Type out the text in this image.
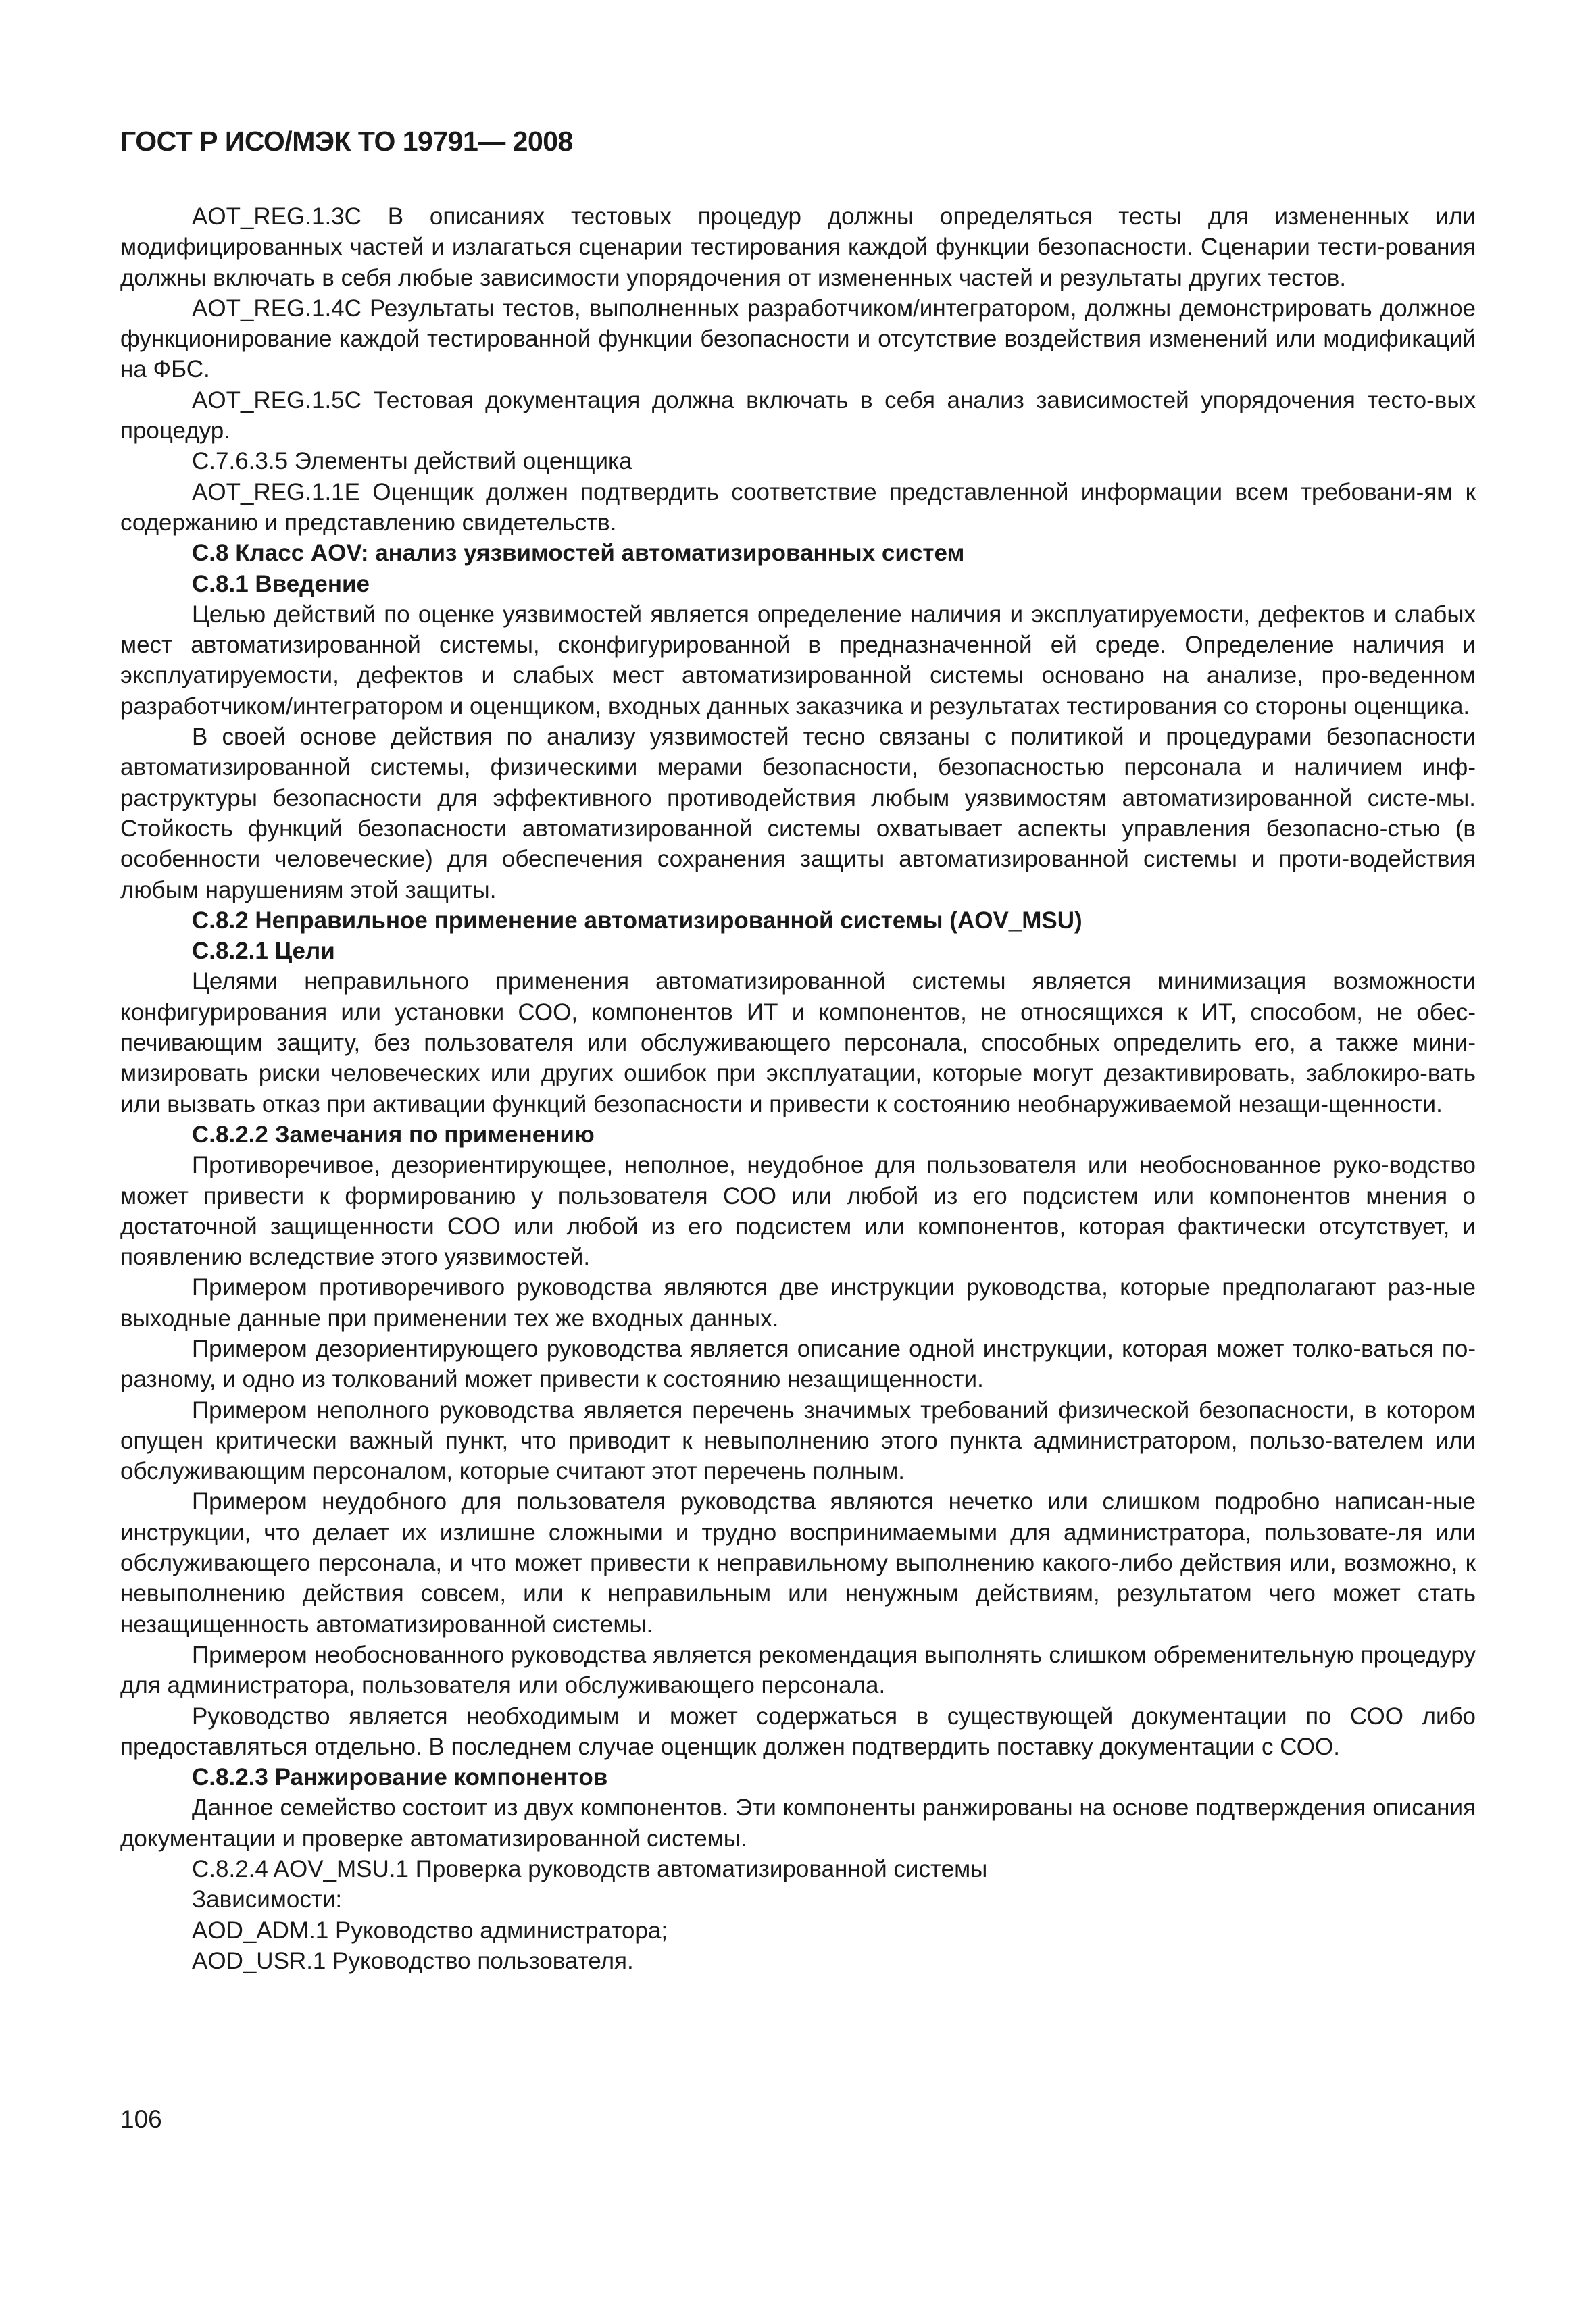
ГОСТ Р ИСО/МЭК ТО 19791— 2008

AOT_REG.1.3C В описаниях тестовых процедур должны определяться тесты для измененных или модифицированных частей и излагаться сценарии тестирования каждой функции безопасности. Сценарии тести-рования должны включать в себя любые зависимости упорядочения от измененных частей и результаты других тестов.

AOT_REG.1.4C Результаты тестов, выполненных разработчиком/интегратором, должны демонстрировать должное функционирование каждой тестированной функции безопасности и отсутствие воздействия изменений или модификаций на ФБС.

AOT_REG.1.5C Тестовая документация должна включать в себя анализ зависимостей упорядочения тесто-вых процедур.

C.7.6.3.5 Элементы действий оценщика

AOT_REG.1.1E Оценщик должен подтвердить соответствие представленной информации всем требовани-ям к содержанию и представлению свидетельств.

C.8 Класс AOV: анализ уязвимостей автоматизированных систем

C.8.1 Введение

Целью действий по оценке уязвимостей является определение наличия и эксплуатируемости, дефектов и слабых мест автоматизированной системы, сконфигурированной в предназначенной ей среде. Определение наличия и эксплуатируемости, дефектов и слабых мест автоматизированной системы основано на анализе, про-веденном разработчиком/интегратором и оценщиком, входных данных заказчика и результатах тестирования со стороны оценщика.

В своей основе действия по анализу уязвимостей тесно связаны с политикой и процедурами безопасности автоматизированной системы, физическими мерами безопасности, безопасностью персонала и наличием инф-раструктуры безопасности для эффективного противодействия любым уязвимостям автоматизированной систе-мы. Стойкость функций безопасности автоматизированной системы охватывает аспекты управления безопасно-стью (в особенности человеческие) для обеспечения сохранения защиты автоматизированной системы и проти-водействия любым нарушениям этой защиты.

C.8.2 Неправильное применение автоматизированной системы (AOV_MSU)

C.8.2.1 Цели

Целями неправильного применения автоматизированной системы является минимизация возможности конфигурирования или установки СОО, компонентов ИТ и компонентов, не относящихся к ИТ, способом, не обес-печивающим защиту, без пользователя или обслуживающего персонала, способных определить его, а также мини-мизировать риски человеческих или других ошибок при эксплуатации, которые могут дезактивировать, заблокиро-вать или вызвать отказ при активации функций безопасности и привести к состоянию необнаруживаемой незащи-щенности.

C.8.2.2 Замечания по применению

Противоречивое, дезориентирующее, неполное, неудобное для пользователя или необоснованное руко-водство может привести к формированию у пользователя СОО или любой из его подсистем или компонентов мнения о достаточной защищенности СОО или любой из его подсистем или компонентов, которая фактически отсутствует, и появлению вследствие этого уязвимостей.

Примером противоречивого руководства являются две инструкции руководства, которые предполагают раз-ные выходные данные при применении тех же входных данных.

Примером дезориентирующего руководства является описание одной инструкции, которая может толко-ваться по-разному, и одно из толкований может привести к состоянию незащищенности.

Примером неполного руководства является перечень значимых требований физической безопасности, в котором опущен критически важный пункт, что приводит к невыполнению этого пункта администратором, пользо-вателем или обслуживающим персоналом, которые считают этот перечень полным.

Примером неудобного для пользователя руководства являются нечетко или слишком подробно написан-ные инструкции, что делает их излишне сложными и трудно воспринимаемыми для администратора, пользовате-ля или обслуживающего персонала, и что может привести к неправильному выполнению какого-либо действия или, возможно, к невыполнению действия совсем, или к неправильным или ненужным действиям, результатом чего может стать незащищенность автоматизированной системы.

Примером необоснованного руководства является рекомендация выполнять слишком обременительную процедуру для администратора, пользователя или обслуживающего персонала.

Руководство является необходимым и может содержаться в существующей документации по СОО либо предоставляться отдельно. В последнем случае оценщик должен подтвердить поставку документации с СОО.

C.8.2.3 Ранжирование компонентов

Данное семейство состоит из двух компонентов. Эти компоненты ранжированы на основе подтверждения описания документации и проверке автоматизированной системы.

C.8.2.4 AOV_MSU.1 Проверка руководств автоматизированной системы

Зависимости:

AOD_ADM.1 Руководство администратора;

AOD_USR.1 Руководство пользователя.

106
